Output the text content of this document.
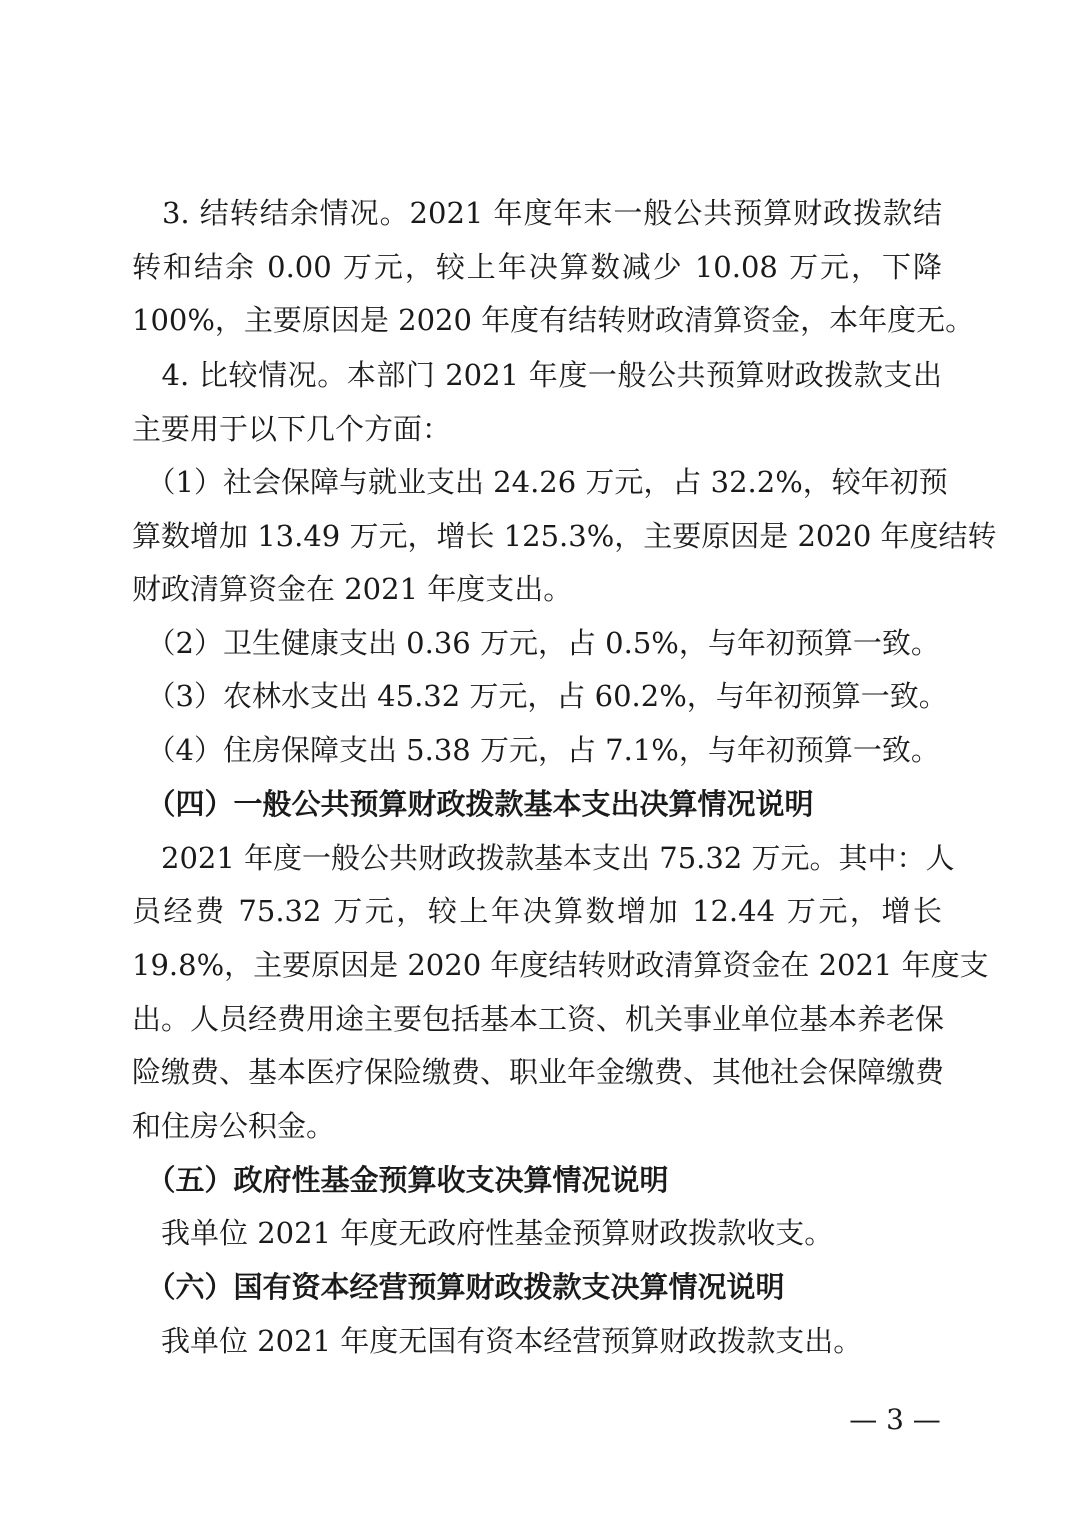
　3. 结转结余情况。2021 年度年末一般公共预算财政拨款结
转和结余 0.00 万元，较上年决算数减少 10.08 万元，下降
100%，主要原因是 2020 年度有结转财政清算资金，本年度无。
　4. 比较情况。本部门 2021 年度一般公共预算财政拨款支出
主要用于以下几个方面：
　（1）社会保障与就业支出 24.26 万元，占 32.2%，较年初预
算数增加 13.49 万元，增长 125.3%，主要原因是 2020 年度结转
财政清算资金在 2021 年度支出。
　（2）卫生健康支出 0.36 万元，占 0.5%，与年初预算一致。
　（3）农林水支出 45.32 万元，占 60.2%，与年初预算一致。
　（4）住房保障支出 5.38 万元，占 7.1%，与年初预算一致。
　（四）一般公共预算财政拨款基本支出决算情况说明
　2021 年度一般公共财政拨款基本支出 75.32 万元。其中：人
员经费 75.32 万元，较上年决算数增加 12.44 万元，增长
19.8%，主要原因是 2020 年度结转财政清算资金在 2021 年度支
出。人员经费用途主要包括基本工资、机关事业单位基本养老保
险缴费、基本医疗保险缴费、职业年金缴费、其他社会保障缴费
和住房公积金。
　（五）政府性基金预算收支决算情况说明
　我单位 2021 年度无政府性基金预算财政拨款收支。
　（六）国有资本经营预算财政拨款支决算情况说明
　我单位 2021 年度无国有资本经营预算财政拨款支出。
— 3 —
